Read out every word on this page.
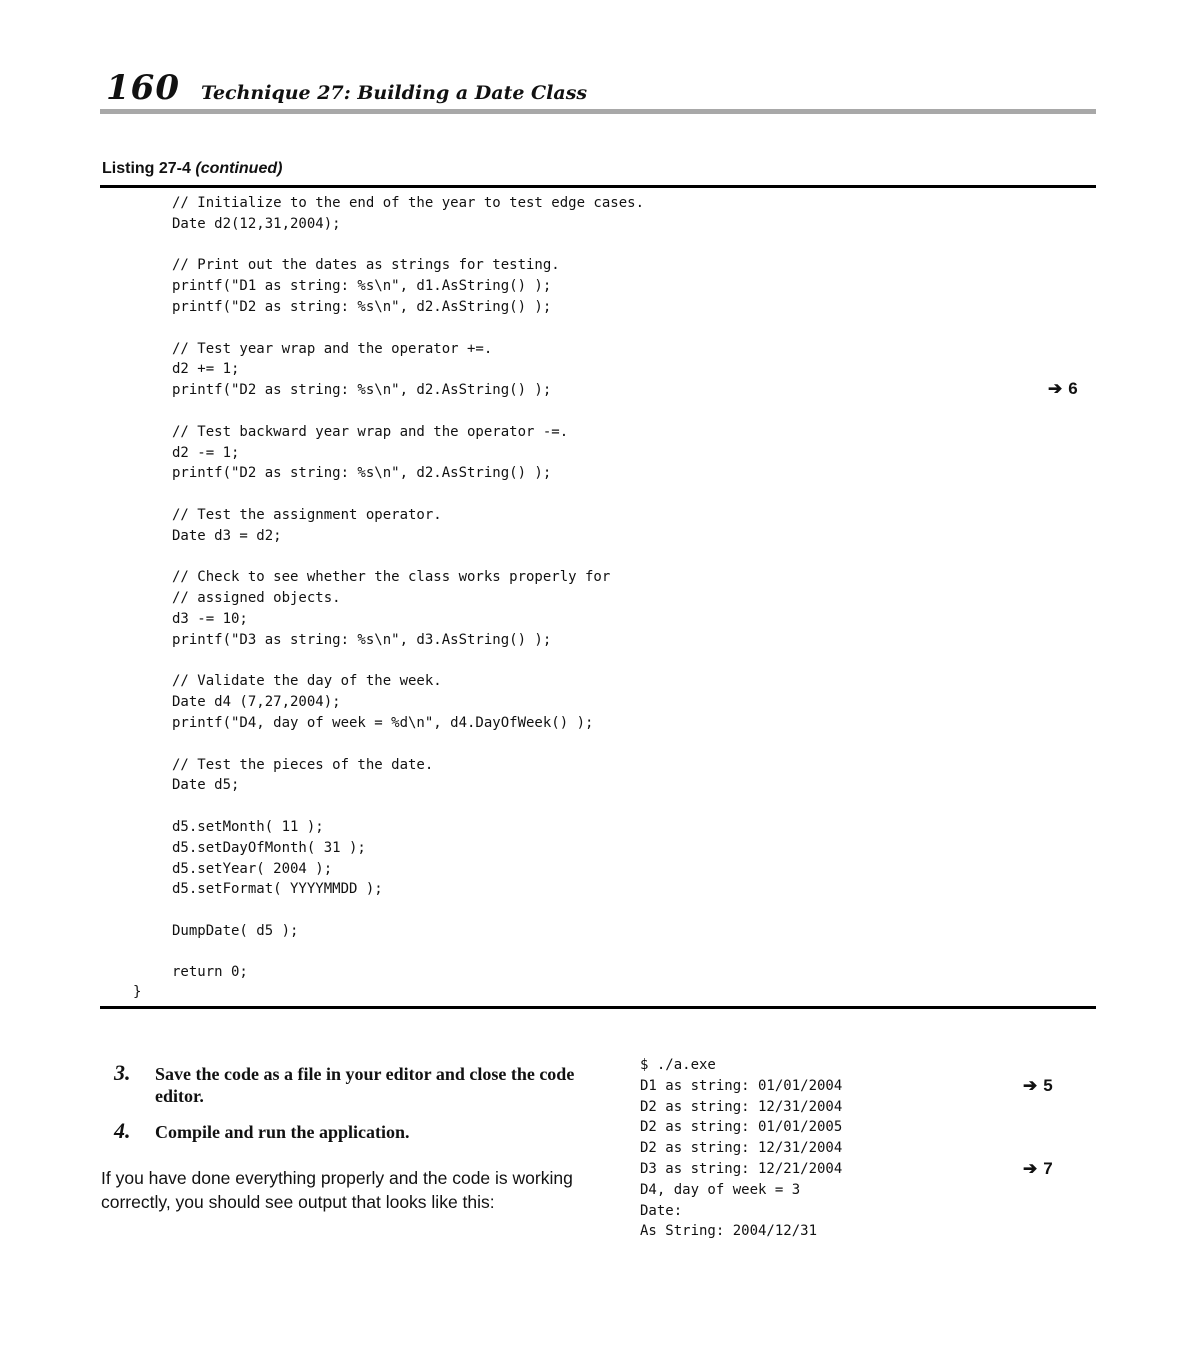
160 Technique 27: Building a Date Class
Listing 27-4 (continued)
// Initialize to the end of the year to test edge cases.
Date d2(12,31,2004);

// Print out the dates as strings for testing.
printf("D1 as string: %s\n", d1.AsString() );
printf("D2 as string: %s\n", d2.AsString() );

// Test year wrap and the operator +=.
d2 += 1;
printf("D2 as string: %s\n", d2.AsString() );

// Test backward year wrap and the operator -=.
d2 -= 1;
printf("D2 as string: %s\n", d2.AsString() );

// Test the assignment operator.
Date d3 = d2;

// Check to see whether the class works properly for
// assigned objects.
d3 -= 10;
printf("D3 as string: %s\n", d3.AsString() );

// Validate the day of the week.
Date d4 (7,27,2004);
printf("D4, day of week = %d\n", d4.DayOfWeek() );

// Test the pieces of the date.
Date d5;

d5.setMonth( 11 );
d5.setDayOfMonth( 31 );
d5.setYear( 2004 );
d5.setFormat( YYYYMMDD );

DumpDate( d5 );

return 0;
}
➔ 6
3. Save the code as a file in your editor and close the code editor.
4. Compile and run the application.

If you have done everything properly and the code is working correctly, you should see output that looks like this:

$ ./a.exe
D1 as string: 01/01/2004
D2 as string: 12/31/2004
D2 as string: 01/01/2005
D2 as string: 12/31/2004
D3 as string: 12/21/2004
D4, day of week = 3
Date:
As String: 2004/12/31
➔ 5
➔ 7
